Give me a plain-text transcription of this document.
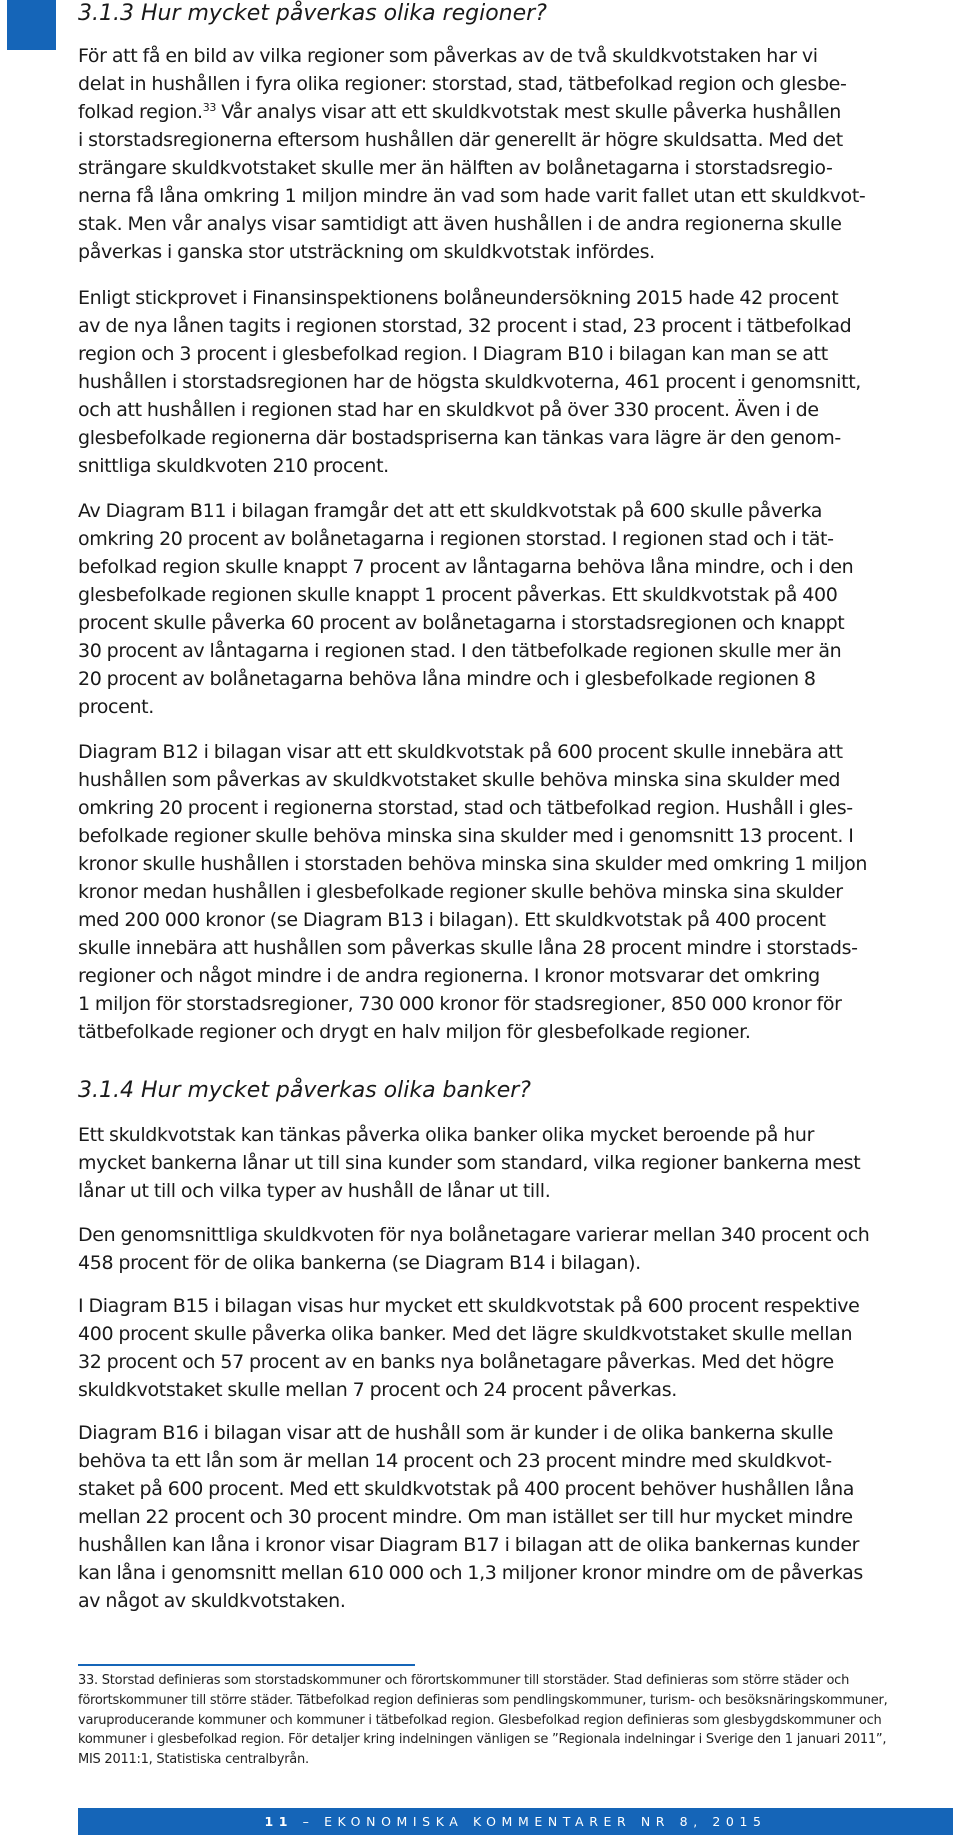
3.1.3 Hur mycket påverkas olika regioner?

För att få en bild av vilka regioner som påverkas av de två skuldkvotstaken har vi
delat in hushållen i fyra olika regioner: storstad, stad, tätbefolkad region och glesbe-
folkad region.$^{33}$ Vår analys visar att ett skuldkvotstak mest skulle påverka hushållen
i storstadsregionerna eftersom hushållen där generellt är högre skuldsatta. Med det
strängare skuldkvotstaket skulle mer än hälften av bolånetagarna i storstadsregio-
nerna få låna omkring 1 miljon mindre än vad som hade varit fallet utan ett skuldkvot-
stak. Men vår analys visar samtidigt att även hushållen i de andra regionerna skulle
påverkas i ganska stor utsträckning om skuldkvotstak infördes.

Enligt stickprovet i Finansinspektionens bolåneundersökning 2015 hade 42 procent
av de nya lånen tagits i regionen storstad, 32 procent i stad, 23 procent i tätbefolkad
region och 3 procent i glesbefolkad region. I Diagram B10 i bilagan kan man se att
hushållen i storstadsregionen har de högsta skuldkvoterna, 461 procent i genomsnitt,
och att hushållen i regionen stad har en skuldkvot på över 330 procent. Även i de
glesbefolkade regionerna där bostadspriserna kan tänkas vara lägre är den genom-
snittliga skuldkvoten 210 procent.

Av Diagram B11 i bilagan framgår det att ett skuldkvotstak på 600 skulle påverka
omkring 20 procent av bolånetagarna i regionen storstad. I regionen stad och i tät-
befolkad region skulle knappt 7 procent av låntagarna behöva låna mindre, och i den
glesbefolkade regionen skulle knappt 1 procent påverkas. Ett skuldkvotstak på 400
procent skulle påverka 60 procent av bolånetagarna i storstadsregionen och knappt
30 procent av låntagarna i regionen stad. I den tätbefolkade regionen skulle mer än
20 procent av bolånetagarna behöva låna mindre och i glesbefolkade regionen 8
procent.

Diagram B12 i bilagan visar att ett skuldkvotstak på 600 procent skulle innebära att
hushållen som påverkas av skuldkvotstaket skulle behöva minska sina skulder med
omkring 20 procent i regionerna storstad, stad och tätbefolkad region. Hushåll i gles-
befolkade regioner skulle behöva minska sina skulder med i genomsnitt 13 procent. I
kronor skulle hushållen i storstaden behöva minska sina skulder med omkring 1 miljon
kronor medan hushållen i glesbefolkade regioner skulle behöva minska sina skulder
med 200 000 kronor (se Diagram B13 i bilagan). Ett skuldkvotstak på 400 procent
skulle innebära att hushållen som påverkas skulle låna 28 procent mindre i storstads-
regioner och något mindre i de andra regionerna. I kronor motsvarar det omkring
1 miljon för storstadsregioner, 730 000 kronor för stadsregioner, 850 000 kronor för
tätbefolkade regioner och drygt en halv miljon för glesbefolkade regioner.

3.1.4 Hur mycket påverkas olika banker?

Ett skuldkvotstak kan tänkas påverka olika banker olika mycket beroende på hur
mycket bankerna lånar ut till sina kunder som standard, vilka regioner bankerna mest
lånar ut till och vilka typer av hushåll de lånar ut till.

Den genomsnittliga skuldkvoten för nya bolånetagare varierar mellan 340 procent och
458 procent för de olika bankerna (se Diagram B14 i bilagan).

I Diagram B15 i bilagan visas hur mycket ett skuldkvotstak på 600 procent respektive
400 procent skulle påverka olika banker. Med det lägre skuldkvotstaket skulle mellan
32 procent och 57 procent av en banks nya bolånetagare påverkas. Med det högre
skuldkvotstaket skulle mellan 7 procent och 24 procent påverkas.

Diagram B16 i bilagan visar att de hushåll som är kunder i de olika bankerna skulle
behöva ta ett lån som är mellan 14 procent och 23 procent mindre med skuldkvot-
staket på 600 procent. Med ett skuldkvotstak på 400 procent behöver hushållen låna
mellan 22 procent och 30 procent mindre. Om man istället ser till hur mycket mindre
hushållen kan låna i kronor visar Diagram B17 i bilagan att de olika bankernas kunder
kan låna i genomsnitt mellan 610 000 och 1,3 miljoner kronor mindre om de påverkas
av något av skuldkvotstaken.

33. Storstad definieras som storstadskommuner och förortskommuner till storstäder. Stad definieras som större städer och
förortskommuner till större städer. Tätbefolkad region definieras som pendlingskommuner, turism- och besöksnäringskommuner,
varuproducerande kommuner och kommuner i tätbefolkad region. Glesbefolkad region definieras som glesbygdskommuner och
kommuner i glesbefolkad region. För detaljer kring indelningen vänligen se ”Regionala indelningar i Sverige den 1 januari 2011”,
MIS 2011:1, Statistiska centralbyrån.

11 – EKONOMISKA KOMMENTARER NR 8, 2015
